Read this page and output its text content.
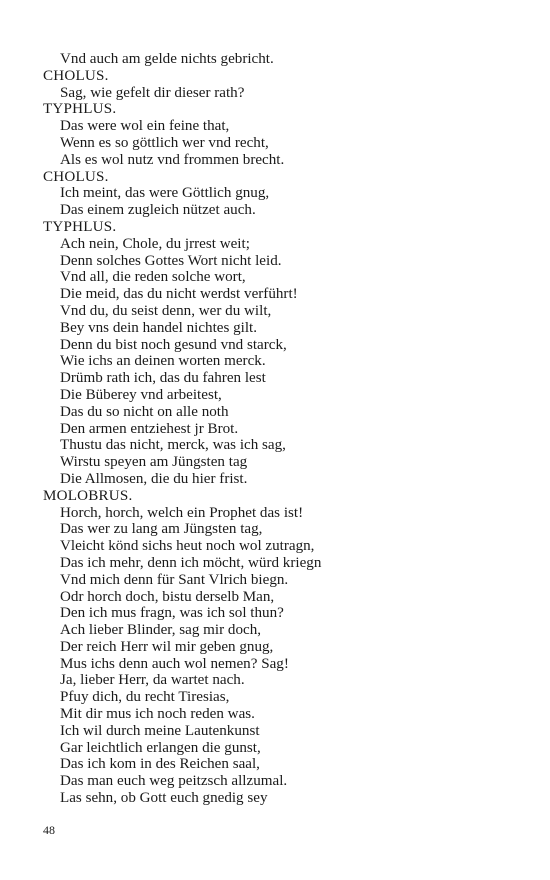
Vnd auch am gelde nichts gebricht.
CHOLUS.
Sag, wie gefelt dir dieser rath?
TYPHLUS.
Das were wol ein feine that,
Wenn es so göttlich wer vnd recht,
Als es wol nutz vnd frommen brecht.
CHOLUS.
Ich meint, das were Göttlich gnug,
Das einem zugleich nützet auch.
TYPHLUS.
Ach nein, Chole, du jrrest weit;
Denn solches Gottes Wort nicht leid.
Vnd all, die reden solche wort,
Die meid, das du nicht werdst verführt!
Vnd du, du seist denn, wer du wilt,
Bey vns dein handel nichtes gilt.
Denn du bist noch gesund vnd starck,
Wie ichs an deinen worten merck.
Drümb rath ich, das du fahren lest
Die Büberey vnd arbeitest,
Das du so nicht on alle noth
Den armen entziehest jr Brot.
Thustu das nicht, merck, was ich sag,
Wirstu speyen am Jüngsten tag
Die Allmosen, die du hier frist.
MOLOBRUS.
Horch, horch, welch ein Prophet das ist!
Das wer zu lang am Jüngsten tag,
Vleicht könd sichs heut noch wol zutragn,
Das ich mehr, denn ich möcht, würd kriegn
Vnd mich denn für Sant Vlrich biegn.
Odr horch doch, bistu derselb Man,
Den ich mus fragn, was ich sol thun?
Ach lieber Blinder, sag mir doch,
Der reich Herr wil mir geben gnug,
Mus ichs denn auch wol nemen? Sag!
Ja, lieber Herr, da wartet nach.
Pfuy dich, du recht Tiresias,
Mit dir mus ich noch reden was.
Ich wil durch meine Lautenkunst
Gar leichtlich erlangen die gunst,
Das ich kom in des Reichen saal,
Das man euch weg peitzsch allzumal.
Las sehn, ob Gott euch gnedig sey
48
